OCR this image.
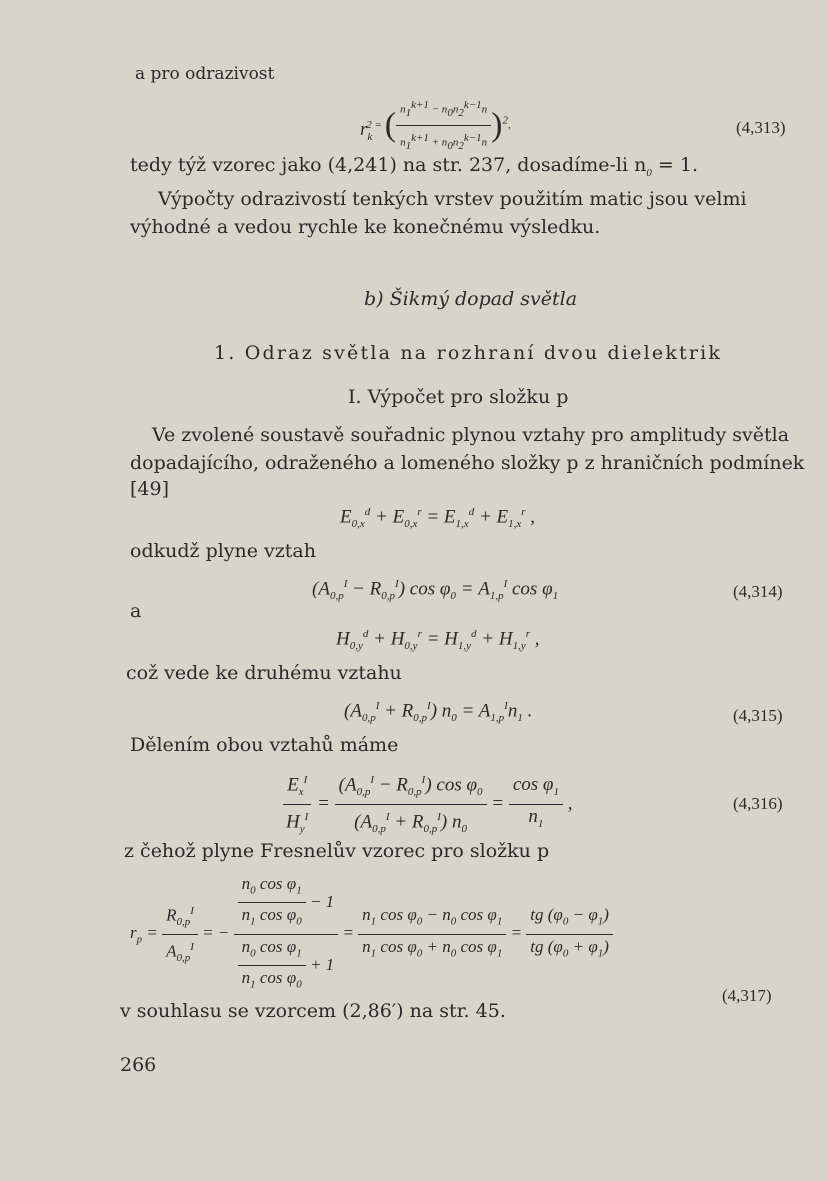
a pro odrazivost
$r_k^{2 = ( \frac{n_1^{k+1} - n_0n_2^{k-1}n}{n_1^{k+1} + n_0n_2^{k-1}n} )^2,}$	(4,313)
tedy týž vzorec jako (4,241) na str. 237, dosadíme-li $n_0 = 1$.
Výpočty odrazivostí tenkých vrstev použitím matic jsou velmi
výhodné a vedou rychle ke konečnému výsledku.
b) Šikmý dopad světla
1. Odraz světla na rozhraní dvou dielektrik
I. Výpočet pro složku p
Ve zvolené soustavě souřadnic plynou vztahy pro amplitudy světla
dopadajícího, odraženého a lomeného složky p z hraničních podmínek
[49]
$E_{0,x}^d + E_{0,x}^r = E_{1,x}^d + E_{1,x}^r$ ,
odkudž plyne vztah
$(A_{0,p}^I - R_{0,p}^I)$ $\cos \varphi_0 = A_{1,p}^I$ $\cos \varphi_1$	(4,314)
a
$H_{0,y}^d + H_{0,y}^r = H_{1,y}^d + H_{1,y}^r$ ,
což vede ke druhému vztahu
$(A_{0,p}^I + R_{0,p}^I) n_0 = A_{1,p}^In_1$ .	(4,315)
Dělením obou vztahů máme
$\frac{E_x^I}{H_y^I} = \frac{(A_{0,p}^I - R_{0,p}^I) \cos \varphi_0}{(A_{0,p}^I + R_{0,p}^I) n_0} = \frac{\cos \varphi_1}{n_1}$ ,	(4,316)
z čehož plyne Fresnelův vzorec pro složku p
$r_p = \frac{R_{0,p}^I}{A_{0,p}^I}$ = − $\frac{\frac{n_0 \cos \varphi_1}{n_1 \cos \varphi_0} - 1}{\frac{n_0 \cos \varphi_1}{n_1 \cos \varphi_0} + 1} = \frac{n_1 \cos \varphi_0 - n_0 \cos \varphi_1}{n_1 \cos \varphi_0 + n_0 \cos \varphi_1} = \frac{tg (\varphi_0 - \varphi_1)}{tg (\varphi_0 + \varphi_1)}$
(4,317)
v souhlasu se vzorcem (2,86′) na str. 45.
266
